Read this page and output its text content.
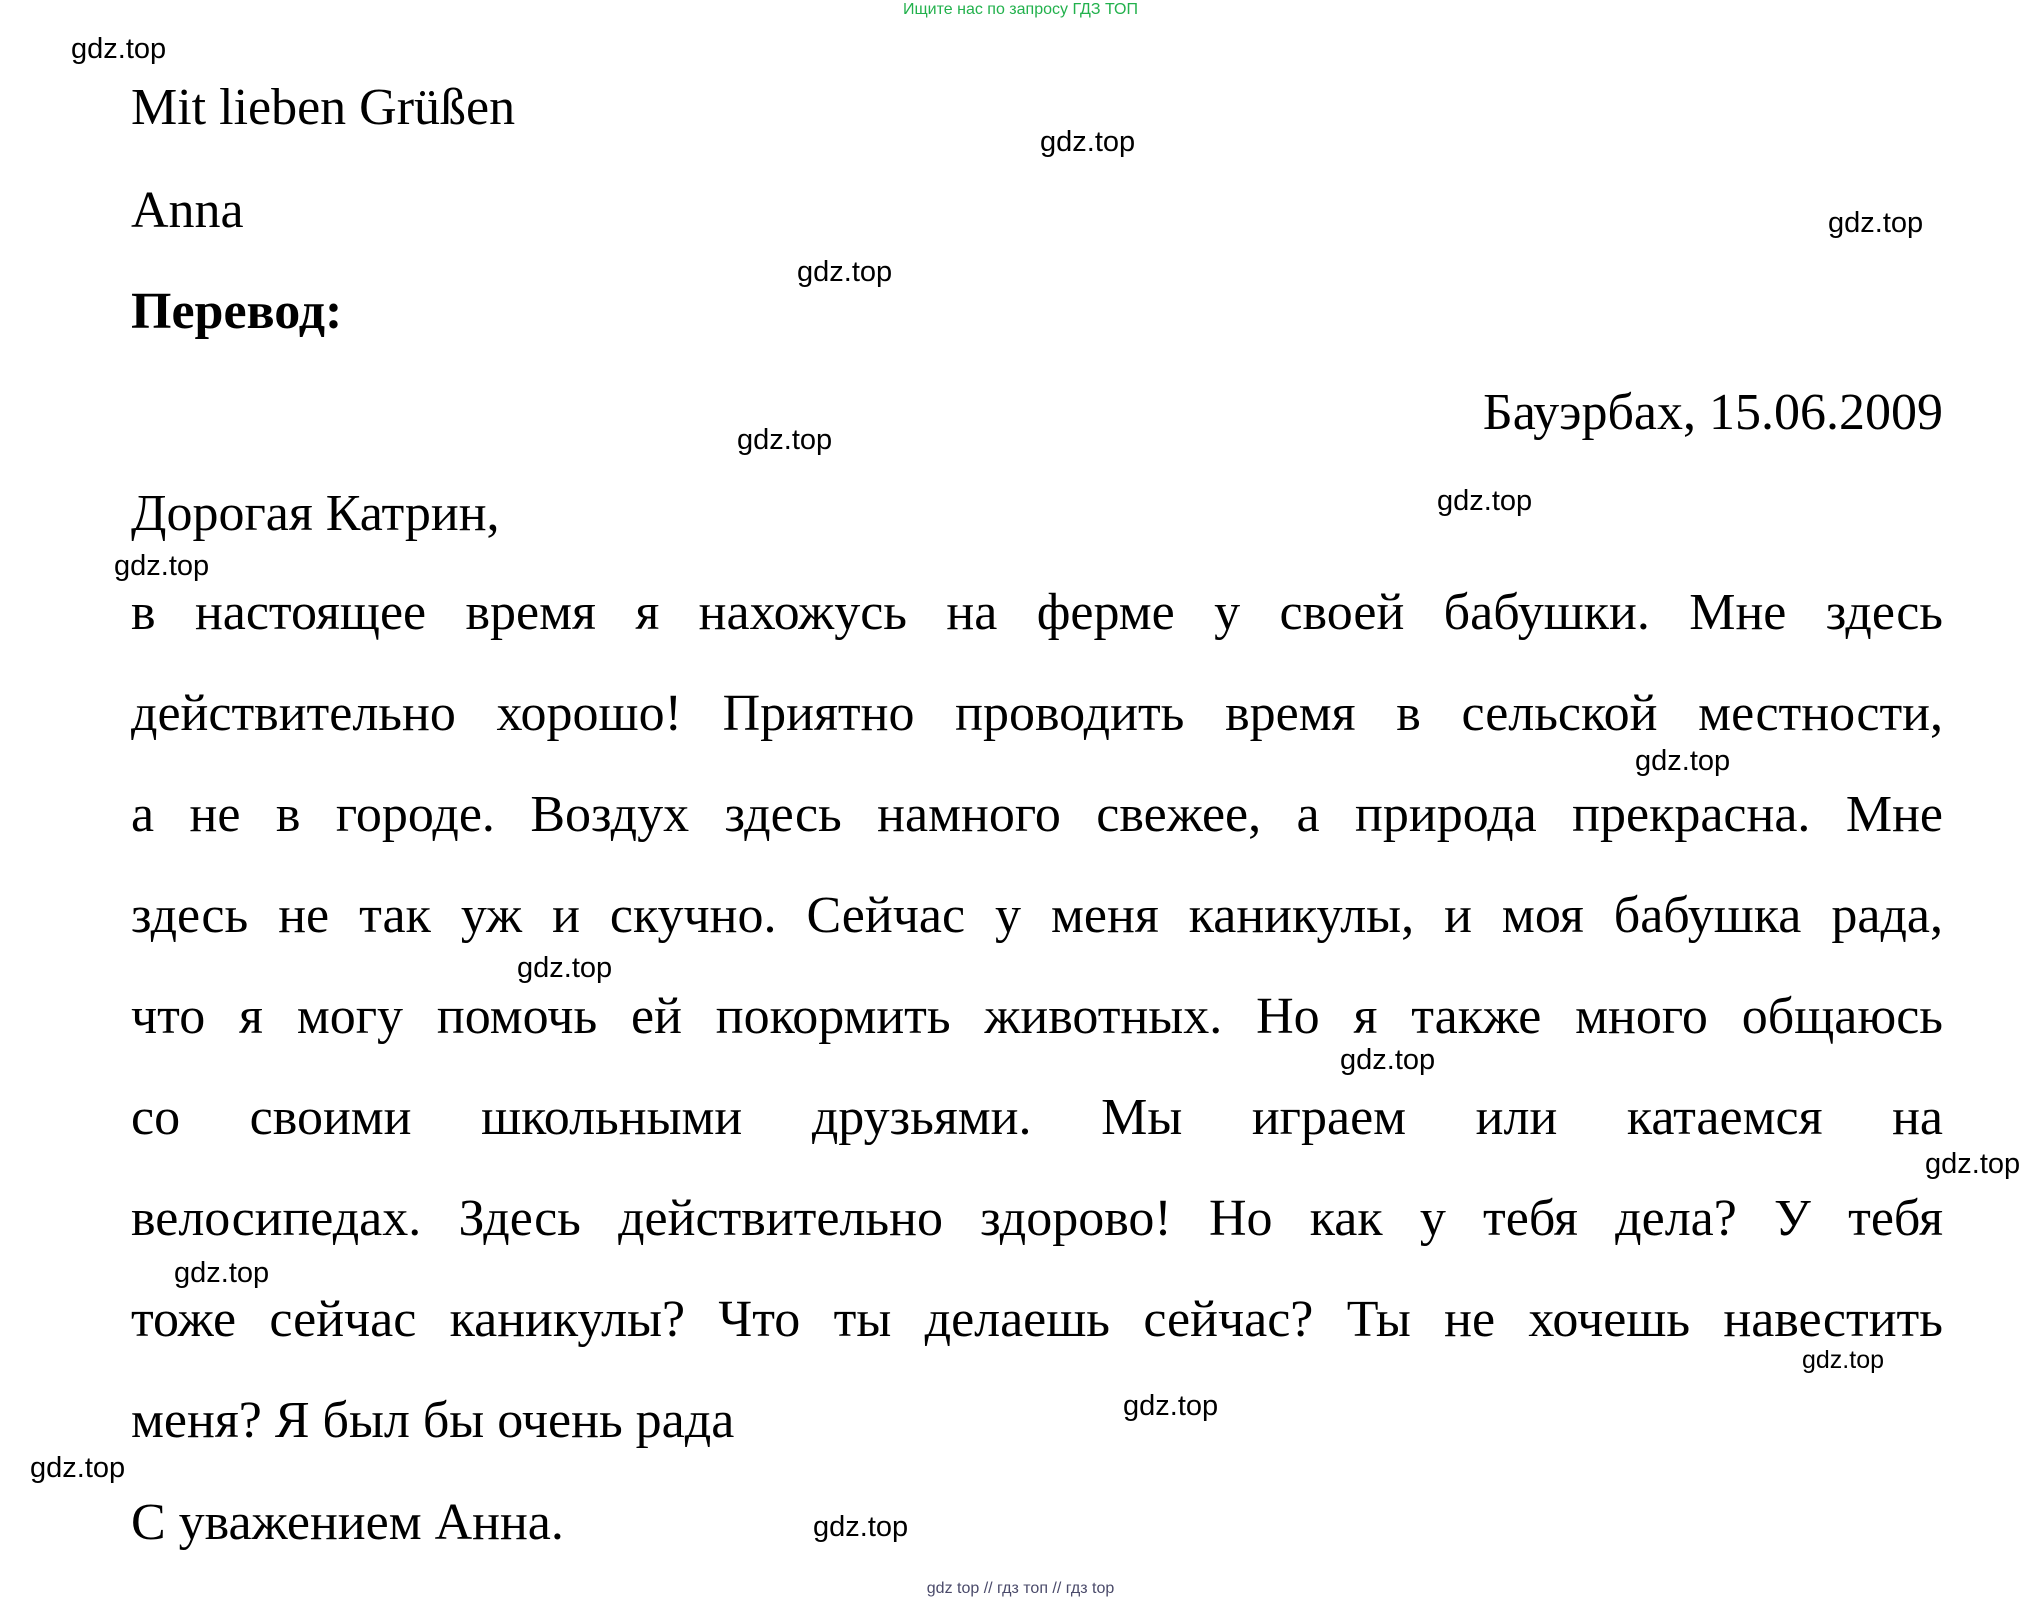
Ищите нас по запросу ГДЗ ТОП
Mit lieben Grüßen
Anna
Перевод:
Бауэрбах, 15.06.2009
Дорогая Катрин,
в настоящее время я нахожусь на ферме у своей бабушки. Мне здесь
действительно хорошо! Приятно проводить время в сельской местности,
а не в городе. Воздух здесь намного свежее, а природа прекрасна. Мне
здесь не так уж и скучно. Сейчас у меня каникулы, и моя бабушка рада,
что я могу помочь ей покормить животных. Но я также много общаюсь
со своими школьными друзьями. Мы играем или катаемся на
велосипедах. Здесь действительно здорово! Но как у тебя дела? У тебя
тоже сейчас каникулы? Что ты делаешь сейчас? Ты не хочешь навестить
меня? Я был бы очень рада
С уважением Анна.
gdz.top
gdz.top
gdz.top
gdz.top
gdz.top
gdz.top
gdz.top
gdz.top
gdz.top
gdz.top
gdz.top
gdz.top
gdz.top
gdz.top
gdz.top
gdz.top
gdz top // гдз топ // гдз top
